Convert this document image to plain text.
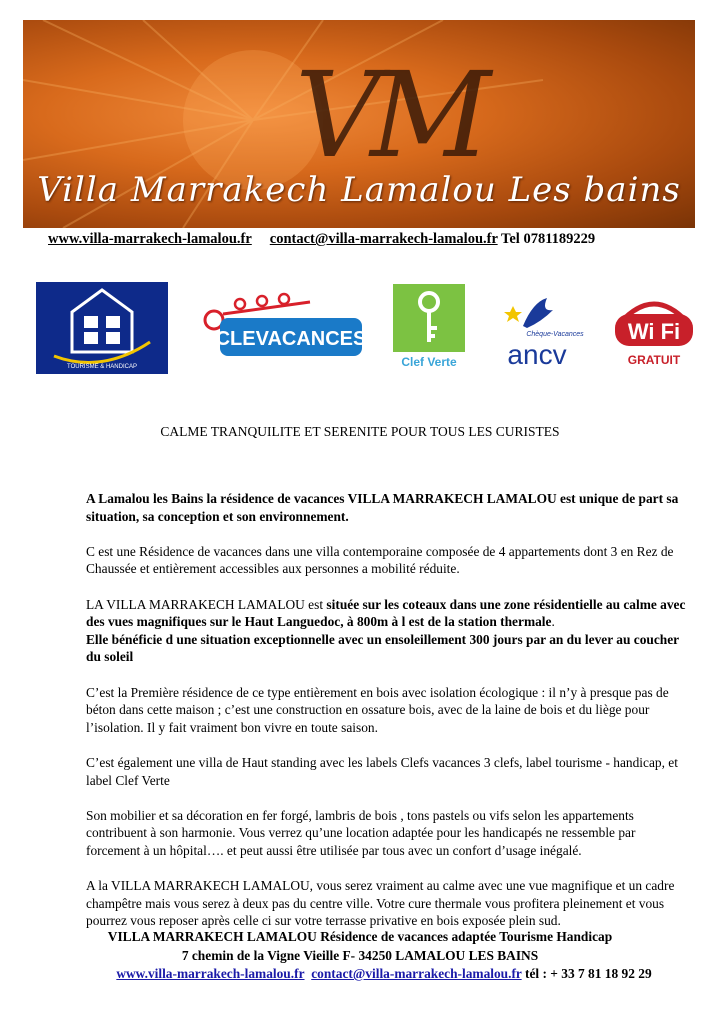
VM
Villa Marrakech Lamalou Les bains
www.villa-marrakech-lamalou.fr contact@villa-marrakech-lamalou.fr Tel 0781189229
TOURISME & HANDICAP
CLEVACANCES
Clef Verte
Chèque-Vacances
ancv
Wi Fi
GRATUIT
CALME TRANQUILITE ET SERENITE POUR TOUS LES CURISTES

A Lamalou les Bains la résidence de vacances VILLA MARRAKECH LAMALOU est unique de part sa situation, sa conception et son environnement.

C est une Résidence de vacances dans une villa contemporaine composée de 4 appartements dont 3 en Rez de Chaussée et entièrement accessibles aux personnes a mobilité réduite.

LA VILLA MARRAKECH LAMALOU est située sur les coteaux dans une zone résidentielle au calme avec des vues magnifiques sur le Haut Languedoc, à 800m à l est de la station thermale.
Elle bénéficie d une situation exceptionnelle avec un ensoleillement 300 jours par an du lever au coucher du soleil

C’est la Première résidence de ce type entièrement en bois avec isolation écologique : il n’y à presque pas de béton dans cette maison ; c’est une construction en ossature bois, avec de la laine de bois et du liège pour l’isolation. Il y fait vraiment bon vivre en toute saison.

C’est également une villa de Haut standing avec les labels Clefs vacances 3 clefs, label tourisme - handicap, et label Clef Verte

Son mobilier et sa décoration en fer forgé, lambris de bois , tons pastels ou vifs selon les appartements contribuent à son harmonie. Vous verrez qu’une location adaptée pour les handicapés ne ressemble par forcement à un hôpital…. et peut aussi être utilisée par tous avec un confort d’usage inégalé.

A la VILLA MARRAKECH LAMALOU, vous serez vraiment au calme avec une vue magnifique et un cadre champêtre mais vous serez à deux pas du centre ville. Votre cure thermale vous profitera pleinement et vous pourrez vous reposer après celle ci sur votre terrasse privative en bois exposée plein sud.

VILLA MARRAKECH LAMALOU Résidence de vacances adaptée Tourisme Handicap
7 chemin de la Vigne Vieille F- 34250 LAMALOU LES BAINS
www.villa-marrakech-lamalou.fr contact@villa-marrakech-lamalou.fr tél : + 33 7 81 18 92 29
